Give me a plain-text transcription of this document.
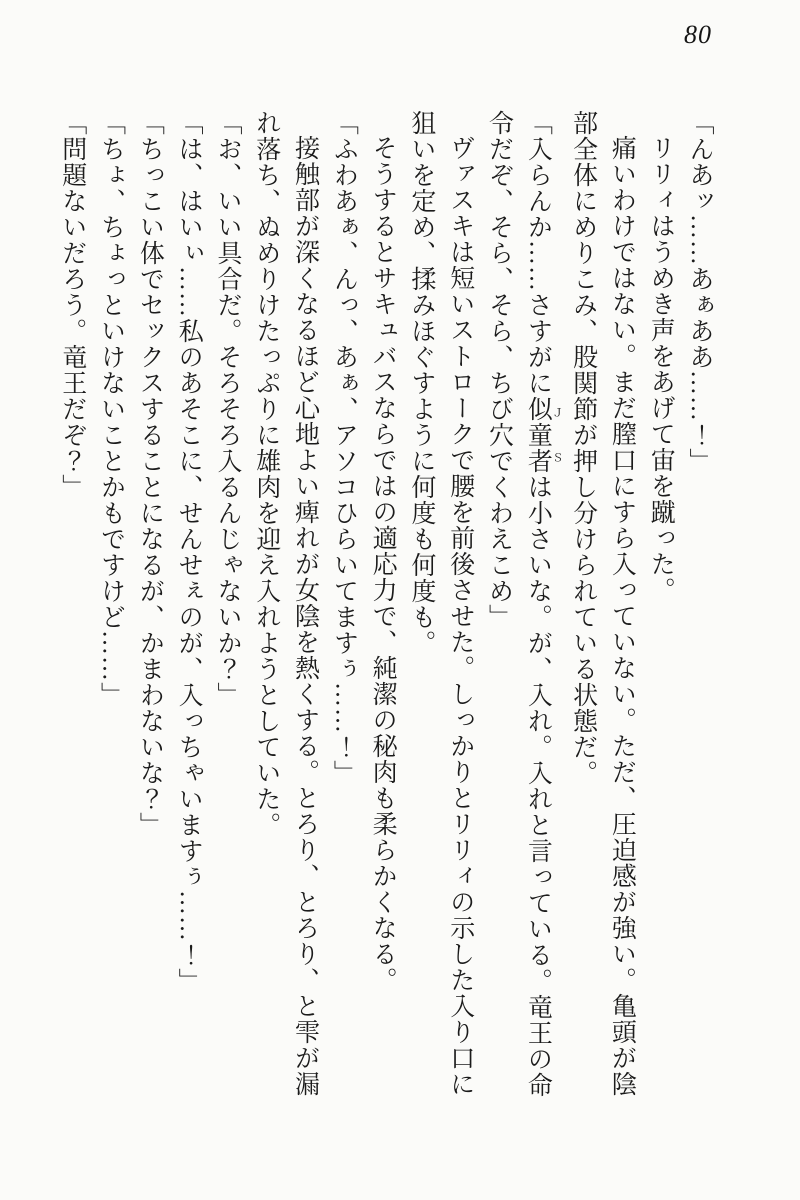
80

「んあッ……あぁああ……！」

リリィはうめき声をあげて宙を蹴った。

痛いわけではない。まだ膣口にすら入っていない。ただ、圧迫感が強い。亀頭が陰部全体にめりこみ、股関節が押し分けられている状態だ。

「入らんか……さすがに似童者 ＪＳは小さいな。が、入れ。入れと言っている。竜王の命令だぞ、そら、そら、ちび穴でくわえこめ」

ヴァスキは短いストロークで腰を前後させた。しっかりとリリィの示した入り口に狙いを定め、揉みほぐすように何度も何度も。

そうするとサキュバスならではの適応力で、純潔の秘肉も柔らかくなる。

「ふわあぁ、んっ、あぁ、アソコひらいてますぅ……！」

接触部が深くなるほど心地よい痺れが女陰を熱くする。とろり、とろり、と雫が漏れ落ち、ぬめりけたっぷりに雄肉を迎え入れようとしていた。

「お、いい具合だ。そろそろ入るんじゃないか？」

「は、はいぃ……私のあそこに、せんせぇのが、入っちゃいますぅ……！」

「ちっこい体でセックスすることになるが、かまわないな？」

「ちょ、ちょっといけないことかもですけど……」

「問題ないだろう。竜王だぞ？」
